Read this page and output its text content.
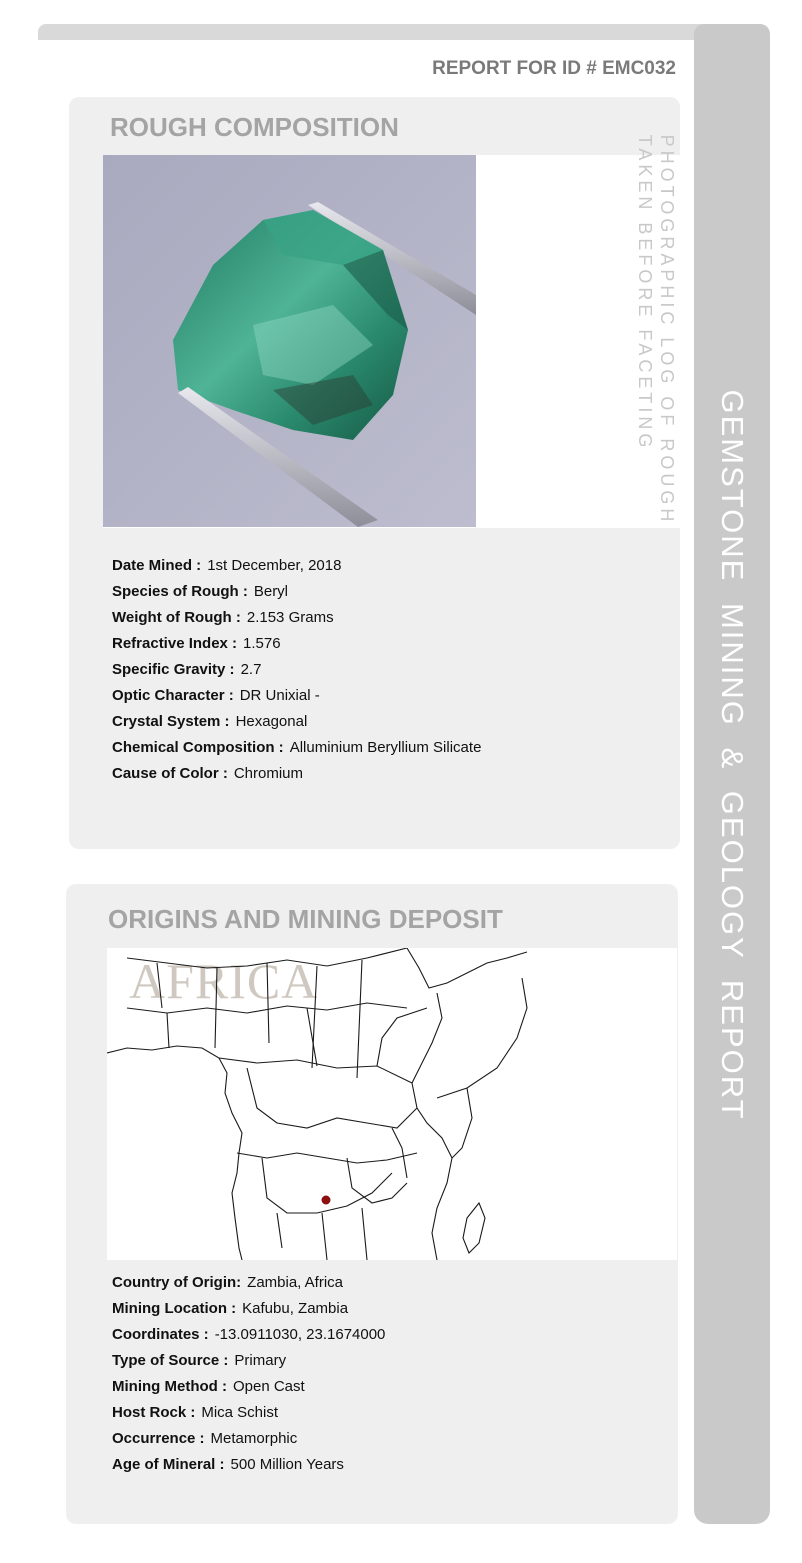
GEMSTONE MINING & GEOLOGY REPORT
REPORT FOR ID # EMC032
ROUGH COMPOSITION
PHOTOGRAPHIC LOG OF ROUGH
TAKEN BEFORE FACETING
Date Mined : 1st December, 2018
Species of Rough : Beryl
Weight of Rough : 2.153 Grams
Refractive Index : 1.576
Specific Gravity : 2.7
Optic Character : DR Unixial -
Crystal System : Hexagonal
Chemical Composition : Alluminium Beryllium Silicate
Cause of Color : Chromium
ORIGINS AND MINING DEPOSIT
AFRICA
Country of Origin: Zambia, Africa
Mining Location : Kafubu, Zambia
Coordinates : -13.0911030, 23.1674000
Type of Source : Primary
Mining Method : Open Cast
Host Rock : Mica Schist
Occurrence : Metamorphic
Age of Mineral : 500 Million Years
